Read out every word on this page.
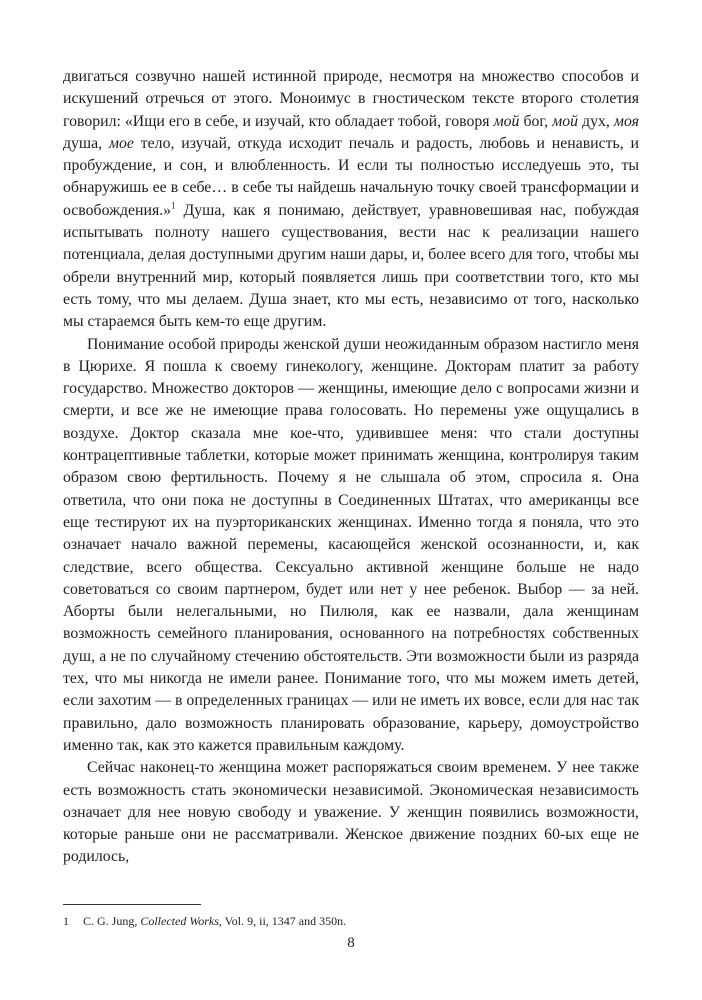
двигаться созвучно нашей истинной природе, несмотря на множество способов и искушений отречься от этого. Моноимус в гностическом тексте второго столетия говорил: «Ищи его в себе, и изучай, кто обладает тобой, говоря мой бог, мой дух, моя душа, мое тело, изучай, откуда исходит печаль и радость, любовь и ненависть, и пробуждение, и сон, и влюбленность. И если ты полностью исследуешь это, ты обнаружишь ее в себе… в себе ты найдешь начальную точку своей трансформации и освобождения.»$^1$ Душа, как я понимаю, действует, уравновешивая нас, побуждая испытывать полноту нашего существования, вести нас к реализации нашего потенциала, делая доступными другим наши дары, и, более всего для того, чтобы мы обрели внутренний мир, который появляется лишь при соответствии того, кто мы есть тому, что мы делаем. Душа знает, кто мы есть, независимо от того, насколько мы стараемся быть кем-то еще другим.

Понимание особой природы женской души неожиданным образом настигло меня в Цюрихе. Я пошла к своему гинекологу, женщине. Докторам платит за работу государство. Множество докторов — женщины, имеющие дело с вопросами жизни и смерти, и все же не имеющие права голосовать. Но перемены уже ощущались в воздухе. Доктор сказала мне кое-что, удивившее меня: что стали доступны контрацептивные таблетки, которые может принимать женщина, контролируя таким образом свою фертильность. Почему я не слышала об этом, спросила я. Она ответила, что они пока не доступны в Соединенных Штатах, что американцы все еще тестируют их на пуэрториканских женщинах. Именно тогда я поняла, что это означает начало важной перемены, касающейся женской осознанности, и, как следствие, всего общества. Сексуально активной женщине больше не надо советоваться со своим партнером, будет или нет у нее ребенок. Выбор — за ней. Аборты были нелегальными, но Пилюля, как ее назвали, дала женщинам возможность семейного планирования, основанного на потребностях собственных душ, а не по случайному стечению обстоятельств. Эти возможности были из разряда тех, что мы никогда не имели ранее. Понимание того, что мы можем иметь детей, если захотим — в определенных границах — или не иметь их вовсе, если для нас так правильно, дало возможность планировать образование, карьеру, домоустройство именно так, как это кажется правильным каждому.

Сейчас наконец-то женщина может распоряжаться своим временем. У нее также есть возможность стать экономически независимой. Экономическая независимость означает для нее новую свободу и уважение. У женщин появились возможности, которые раньше они не рассматривали. Женское движение поздних 60-ых еще не родилось,

1 C. G. Jung, Collected Works, Vol. 9, ii, 1347 and 350n.
8
